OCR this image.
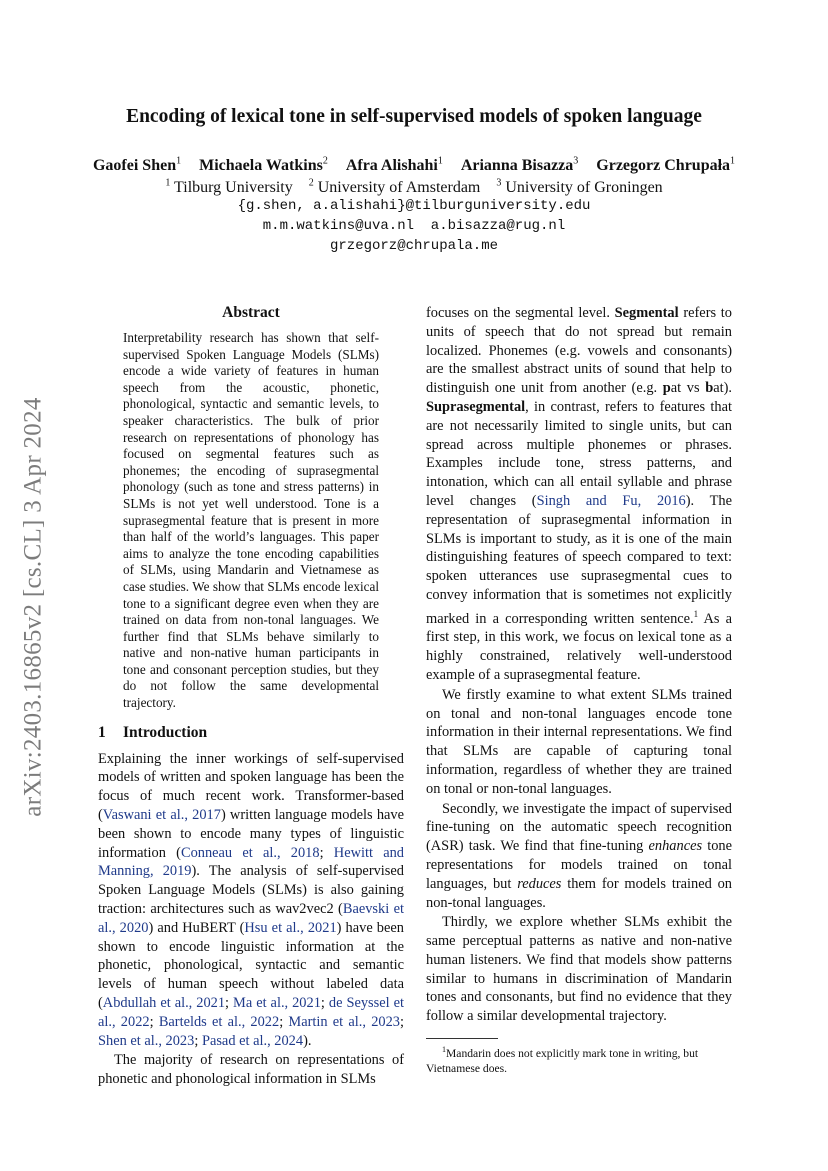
arXiv:2403.16865v2 [cs.CL] 3 Apr 2024
Encoding of lexical tone in self-supervised models of spoken language
Gaofei Shen$^1$ Michaela Watkins$^2$ Afra Alishahi$^1$ Arianna Bisazza$^3$ Grzegorz Chrupała$^1$
$^1$ Tilburg University $^2$ University of Amsterdam $^3$ University of Groningen
{g.shen, a.alishahi}@tilburguniversity.edu
m.m.watkins@uva.nl  a.bisazza@rug.nl
grzegorz@chrupala.me
Abstract

Interpretability research has shown that self-supervised Spoken Language Models (SLMs) encode a wide variety of features in human speech from the acoustic, phonetic, phonological, syntactic and semantic levels, to speaker characteristics. The bulk of prior research on representations of phonology has focused on segmental features such as phonemes; the encoding of suprasegmental phonology (such as tone and stress patterns) in SLMs is not yet well understood. Tone is a suprasegmental feature that is present in more than half of the world’s languages. This paper aims to analyze the tone encoding capabilities of SLMs, using Mandarin and Vietnamese as case studies. We show that SLMs encode lexical tone to a significant degree even when they are trained on data from non-tonal languages. We further find that SLMs behave similarly to native and non-native human participants in tone and consonant perception studies, but they do not follow the same developmental trajectory.

1 Introduction

Explaining the inner workings of self-supervised models of written and spoken language has been the focus of much recent work. Transformer-based (Vaswani et al., 2017) written language models have been shown to encode many types of linguistic information (Conneau et al., 2018; Hewitt and Manning, 2019). The analysis of self-supervised Spoken Language Models (SLMs) is also gaining traction: architectures such as wav2vec2 (Baevski et al., 2020) and HuBERT (Hsu et al., 2021) have been shown to encode linguistic information at the phonetic, phonological, syntactic and semantic levels of human speech without labeled data (Abdullah et al., 2021; Ma et al., 2021; de Seyssel et al., 2022; Bartelds et al., 2022; Martin et al., 2023; Shen et al., 2023; Pasad et al., 2024).

The majority of research on representations of phonetic and phonological information in SLMs

focuses on the segmental level. Segmental refers to units of speech that do not spread but remain localized. Phonemes (e.g. vowels and consonants) are the smallest abstract units of sound that help to distinguish one unit from another (e.g. pat vs bat). Suprasegmental, in contrast, refers to features that are not necessarily limited to single units, but can spread across multiple phonemes or phrases. Examples include tone, stress patterns, and intonation, which can all entail syllable and phrase level changes (Singh and Fu, 2016). The representation of suprasegmental information in SLMs is important to study, as it is one of the main distinguishing features of speech compared to text: spoken utterances use suprasegmental cues to convey information that is sometimes not explicitly marked in a corresponding written sentence.$^1$ As a first step, in this work, we focus on lexical tone as a highly constrained, relatively well-understood example of a suprasegmental feature.

We firstly examine to what extent SLMs trained on tonal and non-tonal languages encode tone information in their internal representations. We find that SLMs are capable of capturing tonal information, regardless of whether they are trained on tonal or non-tonal languages.

Secondly, we investigate the impact of supervised fine-tuning on the automatic speech recognition (ASR) task. We find that fine-tuning enhances tone representations for models trained on tonal languages, but reduces them for models trained on non-tonal languages.

Thirdly, we explore whether SLMs exhibit the same perceptual patterns as native and non-native human listeners. We find that models show patterns similar to humans in discrimination of Mandarin tones and consonants, but find no evidence that they follow a similar developmental trajectory.

$^1$Mandarin does not explicitly mark tone in writing, but Vietnamese does.
